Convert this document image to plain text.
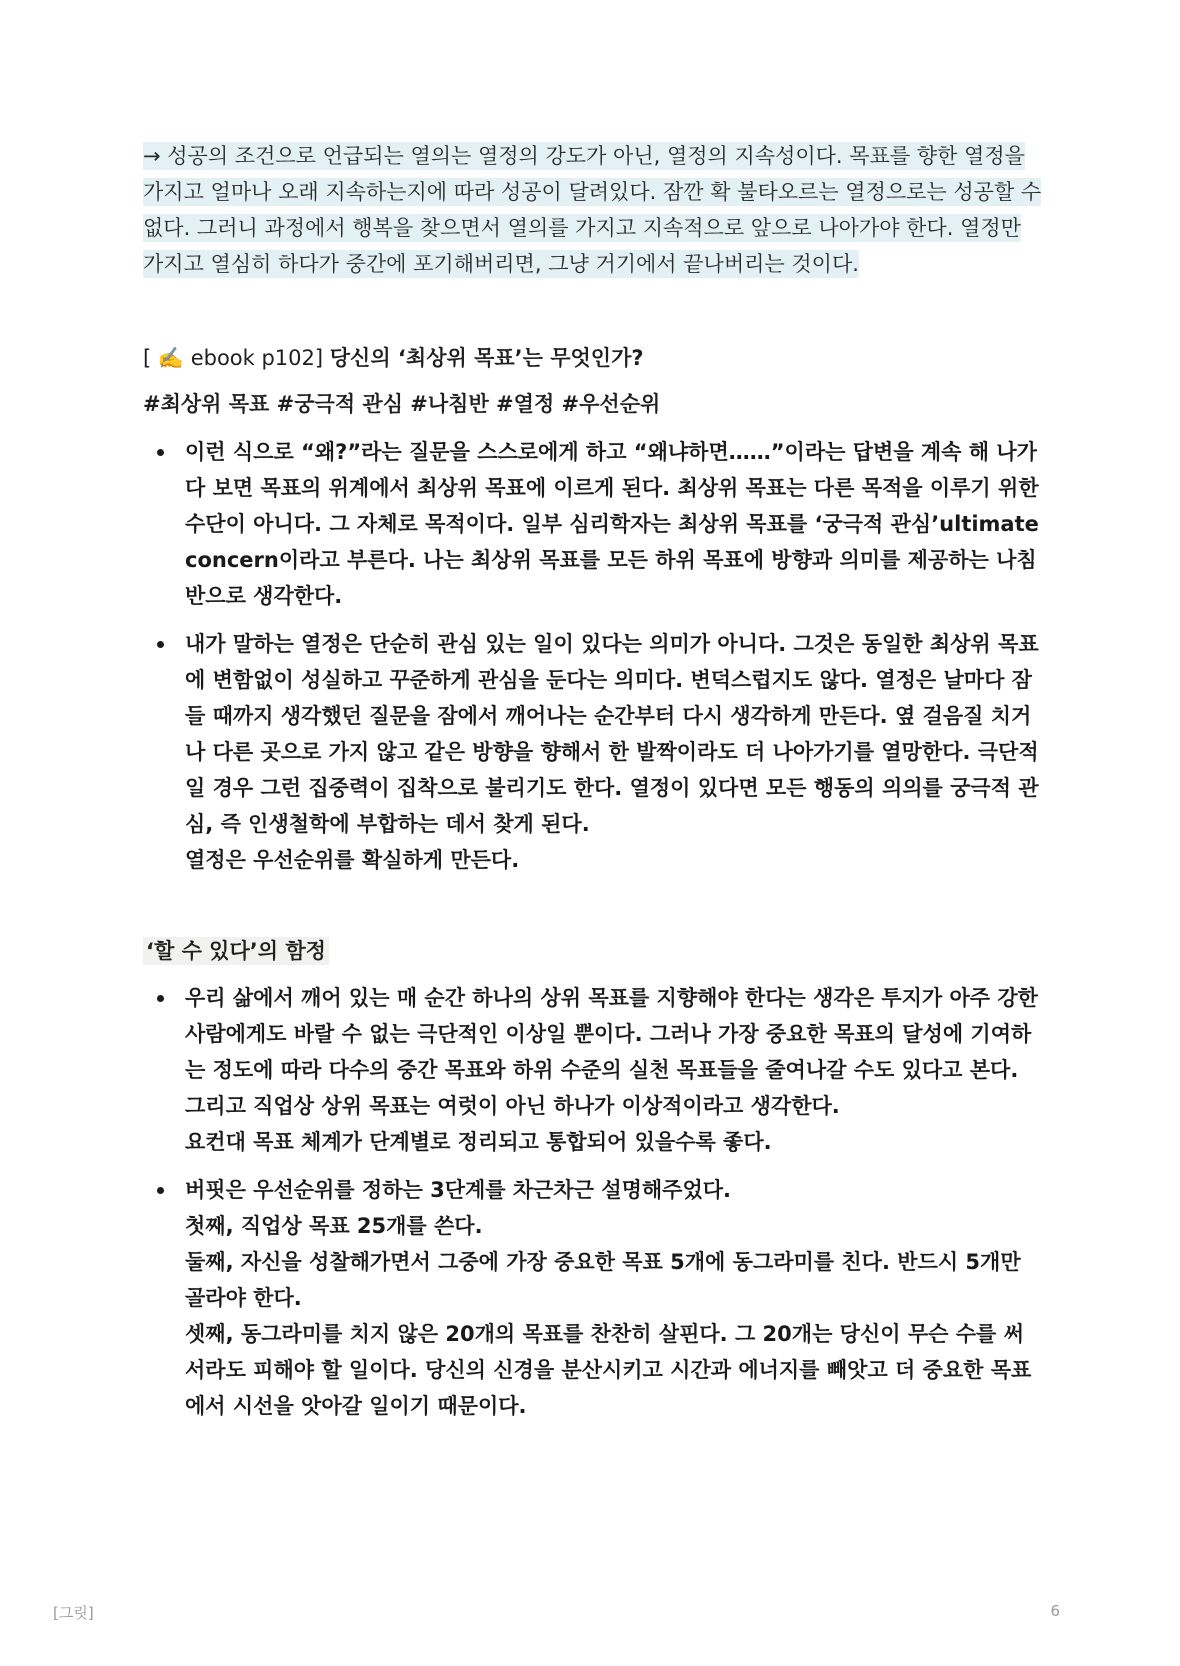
→ 성공의 조건으로 언급되는 열의는 열정의 강도가 아닌, 열정의 지속성이다. 목표를 향한 열정을 가지고 얼마나 오래 지속하는지에 따라 성공이 달려있다. 잠깐 확 불타오르는 열정으로는 성공할 수 없다. 그러니 과정에서 행복을 찾으면서 열의를 가지고 지속적으로 앞으로 나아가야 한다. 열정만 가지고 열심히 하다가 중간에 포기해버리면, 그냥 거기에서 끝나버리는 것이다.

[ ✍️ ebook p102] 당신의 ‘최상위 목표’는 무엇인가?
#최상위 목표 #궁극적 관심 #나침반 #열정 #우선순위
이런 식으로 “왜?”라는 질문을 스스로에게 하고 “왜냐하면……”이라는 답변을 계속 해 나가다 보면 목표의 위계에서 최상위 목표에 이르게 된다. 최상위 목표는 다른 목적을 이루기 위한 수단이 아니다. 그 자체로 목적이다. 일부 심리학자는 최상위 목표를 ‘궁극적 관심’ultimate concern이라고 부른다. 나는 최상위 목표를 모든 하위 목표에 방향과 의미를 제공하는 나침반으로 생각한다.
내가 말하는 열정은 단순히 관심 있는 일이 있다는 의미가 아니다. 그것은 동일한 최상위 목표에 변함없이 성실하고 꾸준하게 관심을 둔다는 의미다. 변덕스럽지도 않다. 열정은 날마다 잠들 때까지 생각했던 질문을 잠에서 깨어나는 순간부터 다시 생각하게 만든다. 옆 걸음질 치거나 다른 곳으로 가지 않고 같은 방향을 향해서 한 발짝이라도 더 나아가기를 열망한다. 극단적일 경우 그런 집중력이 집착으로 불리기도 한다. 열정이 있다면 모든 행동의 의의를 궁극적 관심, 즉 인생철학에 부합하는 데서 찾게 된다.
열정은 우선순위를 확실하게 만든다.
‘할 수 있다’의 함정
우리 삶에서 깨어 있는 매 순간 하나의 상위 목표를 지향해야 한다는 생각은 투지가 아주 강한 사람에게도 바랄 수 없는 극단적인 이상일 뿐이다. 그러나 가장 중요한 목표의 달성에 기여하는 정도에 따라 다수의 중간 목표와 하위 수준의 실천 목표들을 줄여나갈 수도 있다고 본다. 그리고 직업상 상위 목표는 여럿이 아닌 하나가 이상적이라고 생각한다.
요컨대 목표 체계가 단계별로 정리되고 통합되어 있을수록 좋다.
버핏은 우선순위를 정하는 3단계를 차근차근 설명해주었다.
첫째, 직업상 목표 25개를 쓴다.
둘째, 자신을 성찰해가면서 그중에 가장 중요한 목표 5개에 동그라미를 친다. 반드시 5개만 골라야 한다.
셋째, 동그라미를 치지 않은 20개의 목표를 찬찬히 살핀다. 그 20개는 당신이 무슨 수를 써서라도 피해야 할 일이다. 당신의 신경을 분산시키고 시간과 에너지를 빼앗고 더 중요한 목표에서 시선을 앗아갈 일이기 때문이다.
[그릿]	6
